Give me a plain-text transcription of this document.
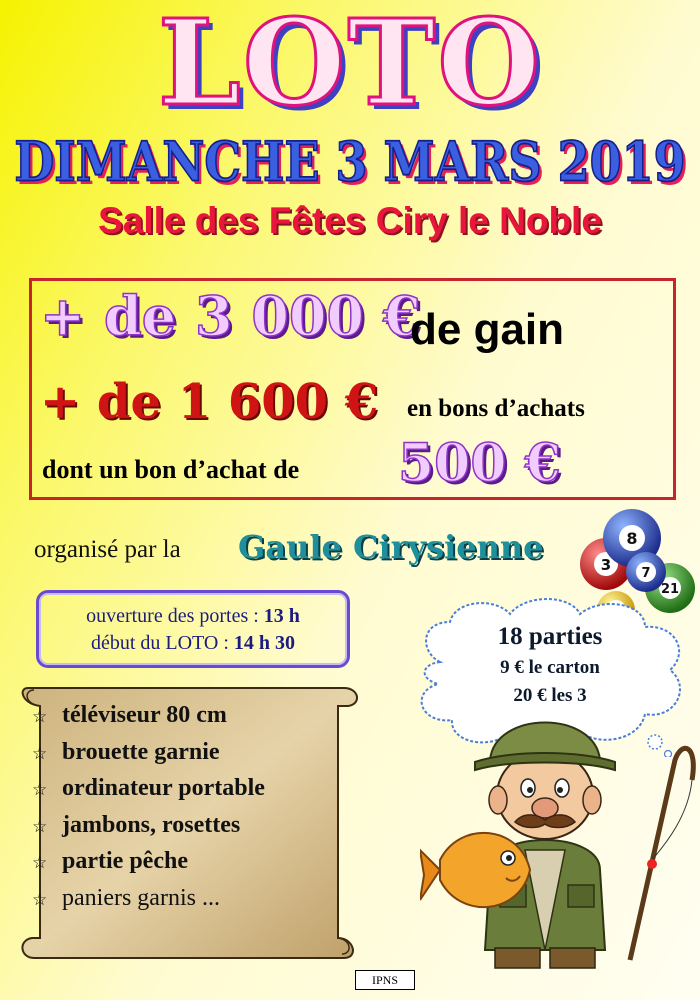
LOTO
DIMANCHE 3 MARS 2019
Salle des Fêtes Ciry le Noble
+ de 3 000 €
de gain
+ de 1 600 € en bons d’achats
dont un bon d’achat de 500 €
organisé par la Gaule Cirysienne	3
8
21
7
ouverture des portes : 13 h
début du LOTO : 14 h 30	18 parties
9 € le carton
20 € les 3
☆ téléviseur 80 cm
☆ brouette garnie
☆ ordinateur portable
☆ jambons, rosettes
☆ partie pêche
☆ paniers garnis ...
IPNS
